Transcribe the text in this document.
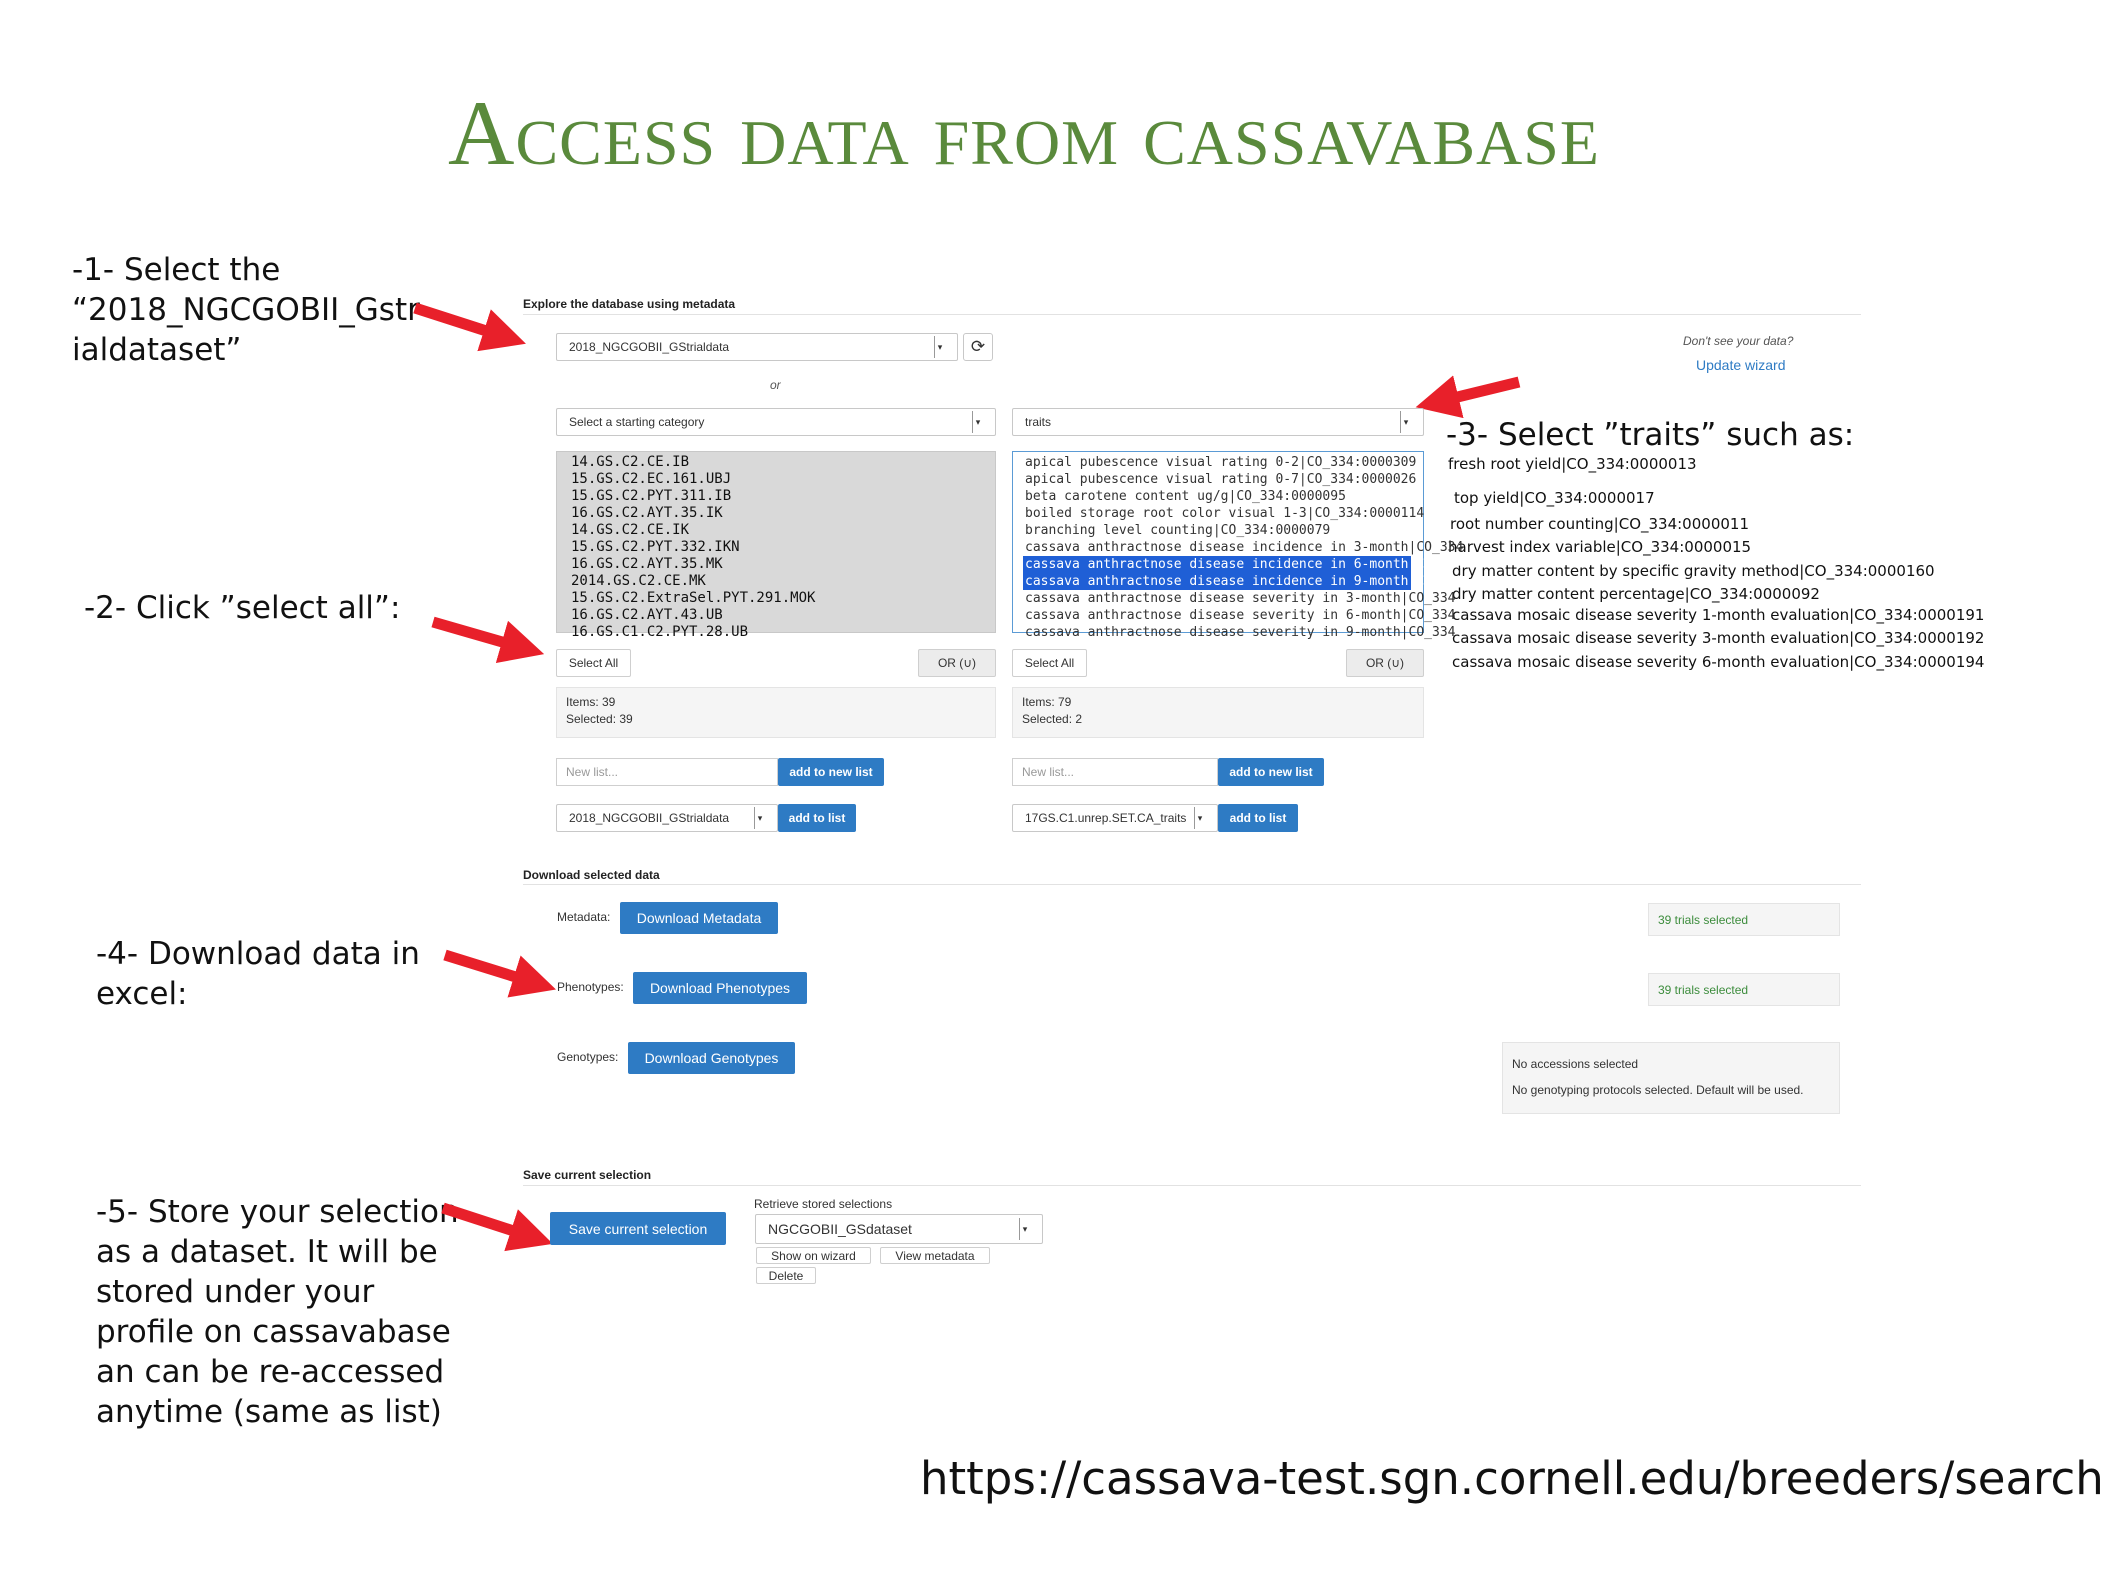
Access data from cassavabase
-1- Select the
“2018_NGCGOBII_Gstr
ialdataset”
-2- Click ”select all”:
-4- Download data in
excel:
-5- Store your selection
as a dataset. It will be
stored under your
profile on cassavabase
an can be re-accessed
anytime (same as list)
-3- Select ”traits” such as:
fresh root yield|CO_334:0000013
top yield|CO_334:0000017
root number counting|CO_334:0000011
harvest index variable|CO_334:0000015
dry matter content by specific gravity method|CO_334:0000160
dry matter content percentage|CO_334:0000092
cassava mosaic disease severity 1-month evaluation|CO_334:0000191
cassava mosaic disease severity 3-month evaluation|CO_334:0000192
cassava mosaic disease severity 6-month evaluation|CO_334:0000194
Explore the database using metadata
2018_NGCGOBII_GStrialdata	▾	⟳
or
Don't see your data?
Update wizard
Select a starting category	▾	traits	▾
14.GS.C2.CE.IB
15.GS.C2.EC.161.UBJ
15.GS.C2.PYT.311.IB
16.GS.C2.AYT.35.IK
14.GS.C2.CE.IK
15.GS.C2.PYT.332.IKN
16.GS.C2.AYT.35.MK
2014.GS.C2.CE.MK
15.GS.C2.ExtraSel.PYT.291.MOK
16.GS.C2.AYT.43.UB
16.GS.C1.C2.PYT.28.UB
apical pubescence visual rating 0-2|CO_334:0000309
apical pubescence visual rating 0-7|CO_334:0000026
beta carotene content ug/g|CO_334:0000095
boiled storage root color visual 1-3|CO_334:0000114
branching level counting|CO_334:0000079
cassava anthractnose disease incidence in 3-month|CO_334
cassava anthractnose disease incidence in 6-month|CO_334
cassava anthractnose disease incidence in 9-month|CO_334
cassava anthractnose disease severity in 3-month|CO_334
cassava anthractnose disease severity in 6-month|CO_334
cassava anthractnose disease severity in 9-month|CO_334
Select All	OR (∪)	Select All	OR (∪)
Items: 39
Selected: 39
Items: 79
Selected: 2
New list...	add to new list	New list...	add to new list
2018_NGCGOBII_GStrialdata	▾	add to list	17GS.C1.unrep.SET.CA_traits	▾	add to list
Download selected data
Metadata:	Download Metadata	39 trials selected
Phenotypes:	Download Phenotypes	39 trials selected
Genotypes:	Download Genotypes	No accessions selected
No genotyping protocols selected. Default will be used.
Save current selection
Save current selection
Retrieve stored selections
NGCGOBII_GSdataset	▾
Show on wizard	View metadata
Delete
https://cassava-test.sgn.cornell.edu/breeders/search
